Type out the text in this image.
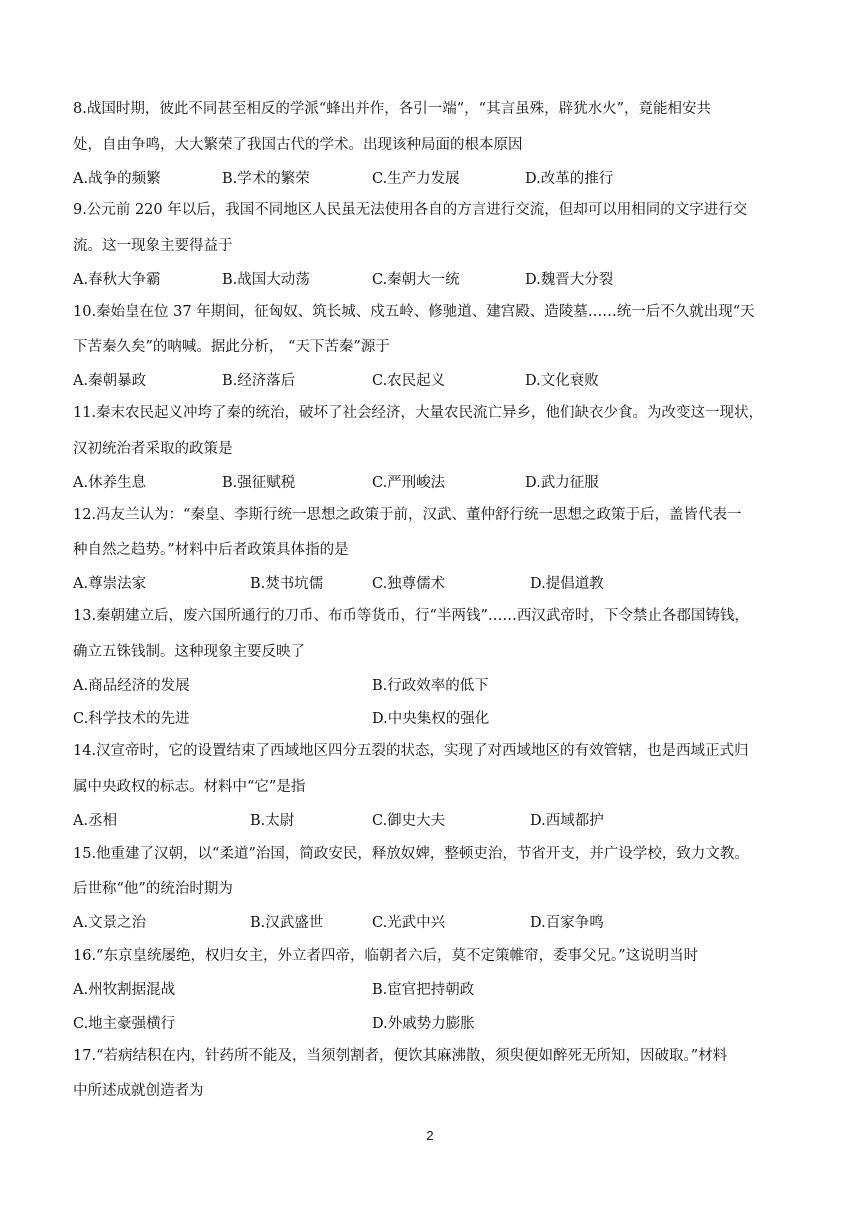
8.战国时期，彼此不同甚至相反的学派“蜂出并作，各引一端”，“其言虽殊，辟犹水火”，竟能相安共
处，自由争鸣，大大繁荣了我国古代的学术。出现该种局面的根本原因
A.战争的频繁	B.学术的繁荣	C.生产力发展	D.改革的推行
9.公元前 220 年以后，我国不同地区人民虽无法使用各自的方言进行交流，但却可以用相同的文字进行交
流。这一现象主要得益于
A.春秋大争霸	B.战国大动荡	C.秦朝大一统	D.魏晋大分裂
10.秦始皇在位 37 年期间，征匈奴、筑长城、戍五岭、修驰道、建宫殿、造陵墓……统一后不久就出现“天
下苦秦久矣”的呐喊。据此分析， “天下苦秦”源于
A.秦朝暴政	B.经济落后	C.农民起义	D.文化衰败
11.秦末农民起义冲垮了秦的统治，破坏了社会经济，大量农民流亡异乡，他们缺衣少食。为改变这一现状，
汉初统治者采取的政策是
A.休养生息	B.强征赋税	C.严刑峻法	D.武力征服
12.冯友兰认为：“秦皇、李斯行统一思想之政策于前，汉武、董仲舒行统一思想之政策于后，盖皆代表一
种自然之趋势。”材料中后者政策具体指的是
A.尊崇法家	B.焚书坑儒	C.独尊儒术	D.提倡道教
13.秦朝建立后，废六国所通行的刀币、布币等货币，行“半两钱”……西汉武帝时，下令禁止各郡国铸钱，
确立五铢钱制。这种现象主要反映了
A.商品经济的发展	B.行政效率的低下
C.科学技术的先进	D.中央集权的强化
14.汉宣帝时，它的设置结束了西域地区四分五裂的状态，实现了对西域地区的有效管辖，也是西域正式归
属中央政权的标志。材料中“它”是指
A.丞相	B.太尉	C.御史大夫	D.西域都护
15.他重建了汉朝，以“柔道”治国，简政安民，释放奴婢，整顿吏治，节省开支，并广设学校，致力文教。
后世称“他”的统治时期为
A.文景之治	B.汉武盛世	C.光武中兴	D.百家争鸣
16.“东京皇统屡绝，权归女主，外立者四帝，临朝者六后，莫不定策帷帘，委事父兄。”这说明当时
A.州牧割据混战	B.宦官把持朝政
C.地主豪强横行	D.外戚势力膨胀
17.“若病结积在内，针药所不能及，当须刳割者，便饮其麻沸散，须臾便如醉死无所知，因破取。”材料
中所述成就创造者为
2
